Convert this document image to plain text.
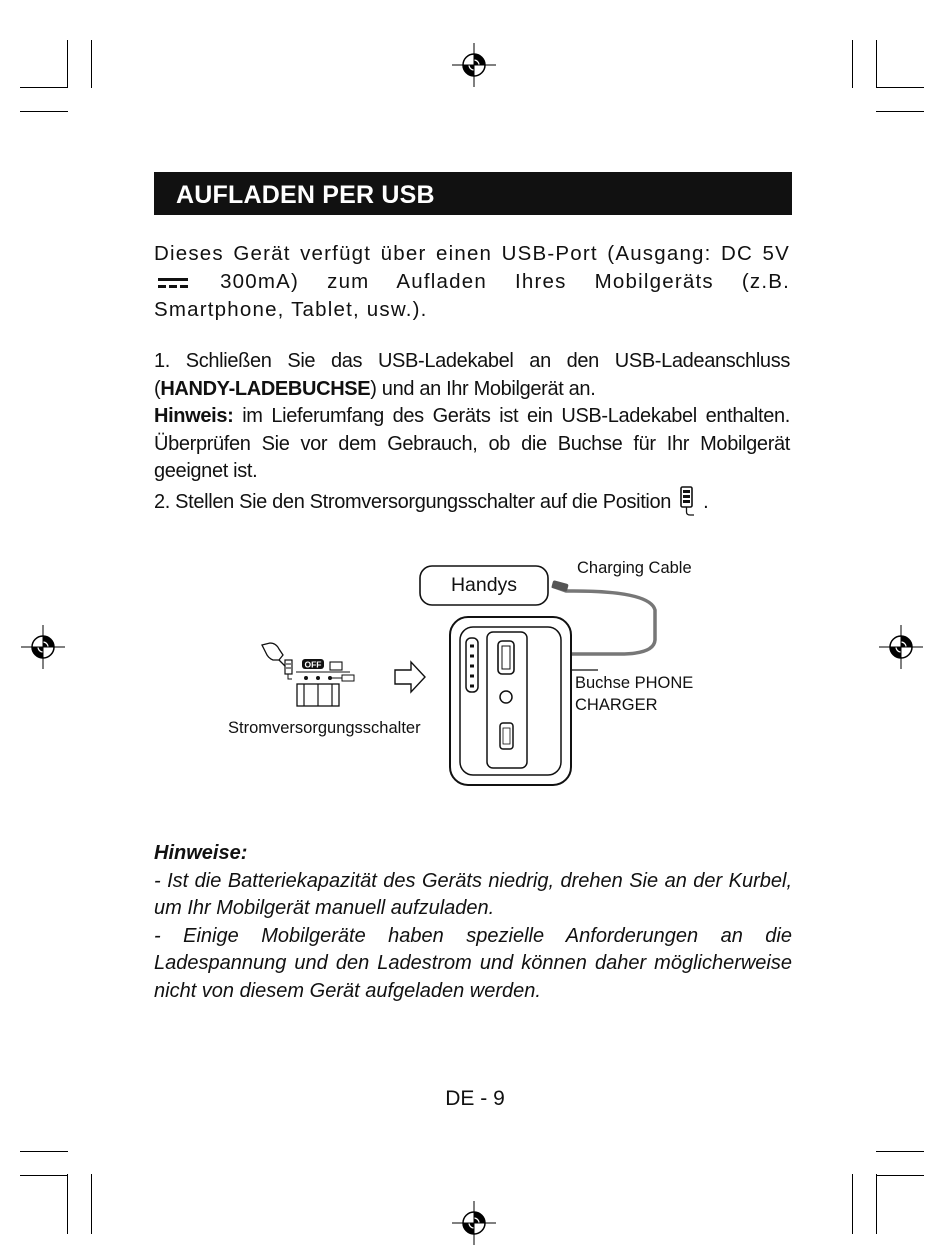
AUFLADEN PER USB
Dieses Gerät verfügt über einen USB-Port (Ausgang: DC 5V  300mA) zum Aufladen Ihres Mobilgeräts (z.B. Smartphone, Tablet, usw.).

1. Schließen Sie das USB-Ladekabel an den USB-Ladeanschluss (HANDY-LADEBUCHSE) und an Ihr Mobilgerät an.

Hinweis: im Lieferumfang des Geräts ist ein USB-Ladekabel enthalten. Überprüfen Sie vor dem Gebrauch, ob die Buchse für Ihr Mobilgerät geeignet ist.

2. Stellen Sie den Stromversorgungsschalter auf die Position .

OFF
Handys
Charging Cable
Buchse PHONE
CHARGER
Stromversorgungsschalter

Hinweise:

- Ist die Batteriekapazität des Geräts niedrig, drehen Sie an der Kurbel, um Ihr Mobilgerät manuell aufzuladen.

- Einige Mobilgeräte haben spezielle Anforderungen an die Ladespannung und den Ladestrom und können daher möglicherweise nicht von diesem Gerät aufgeladen werden.

DE - 9
